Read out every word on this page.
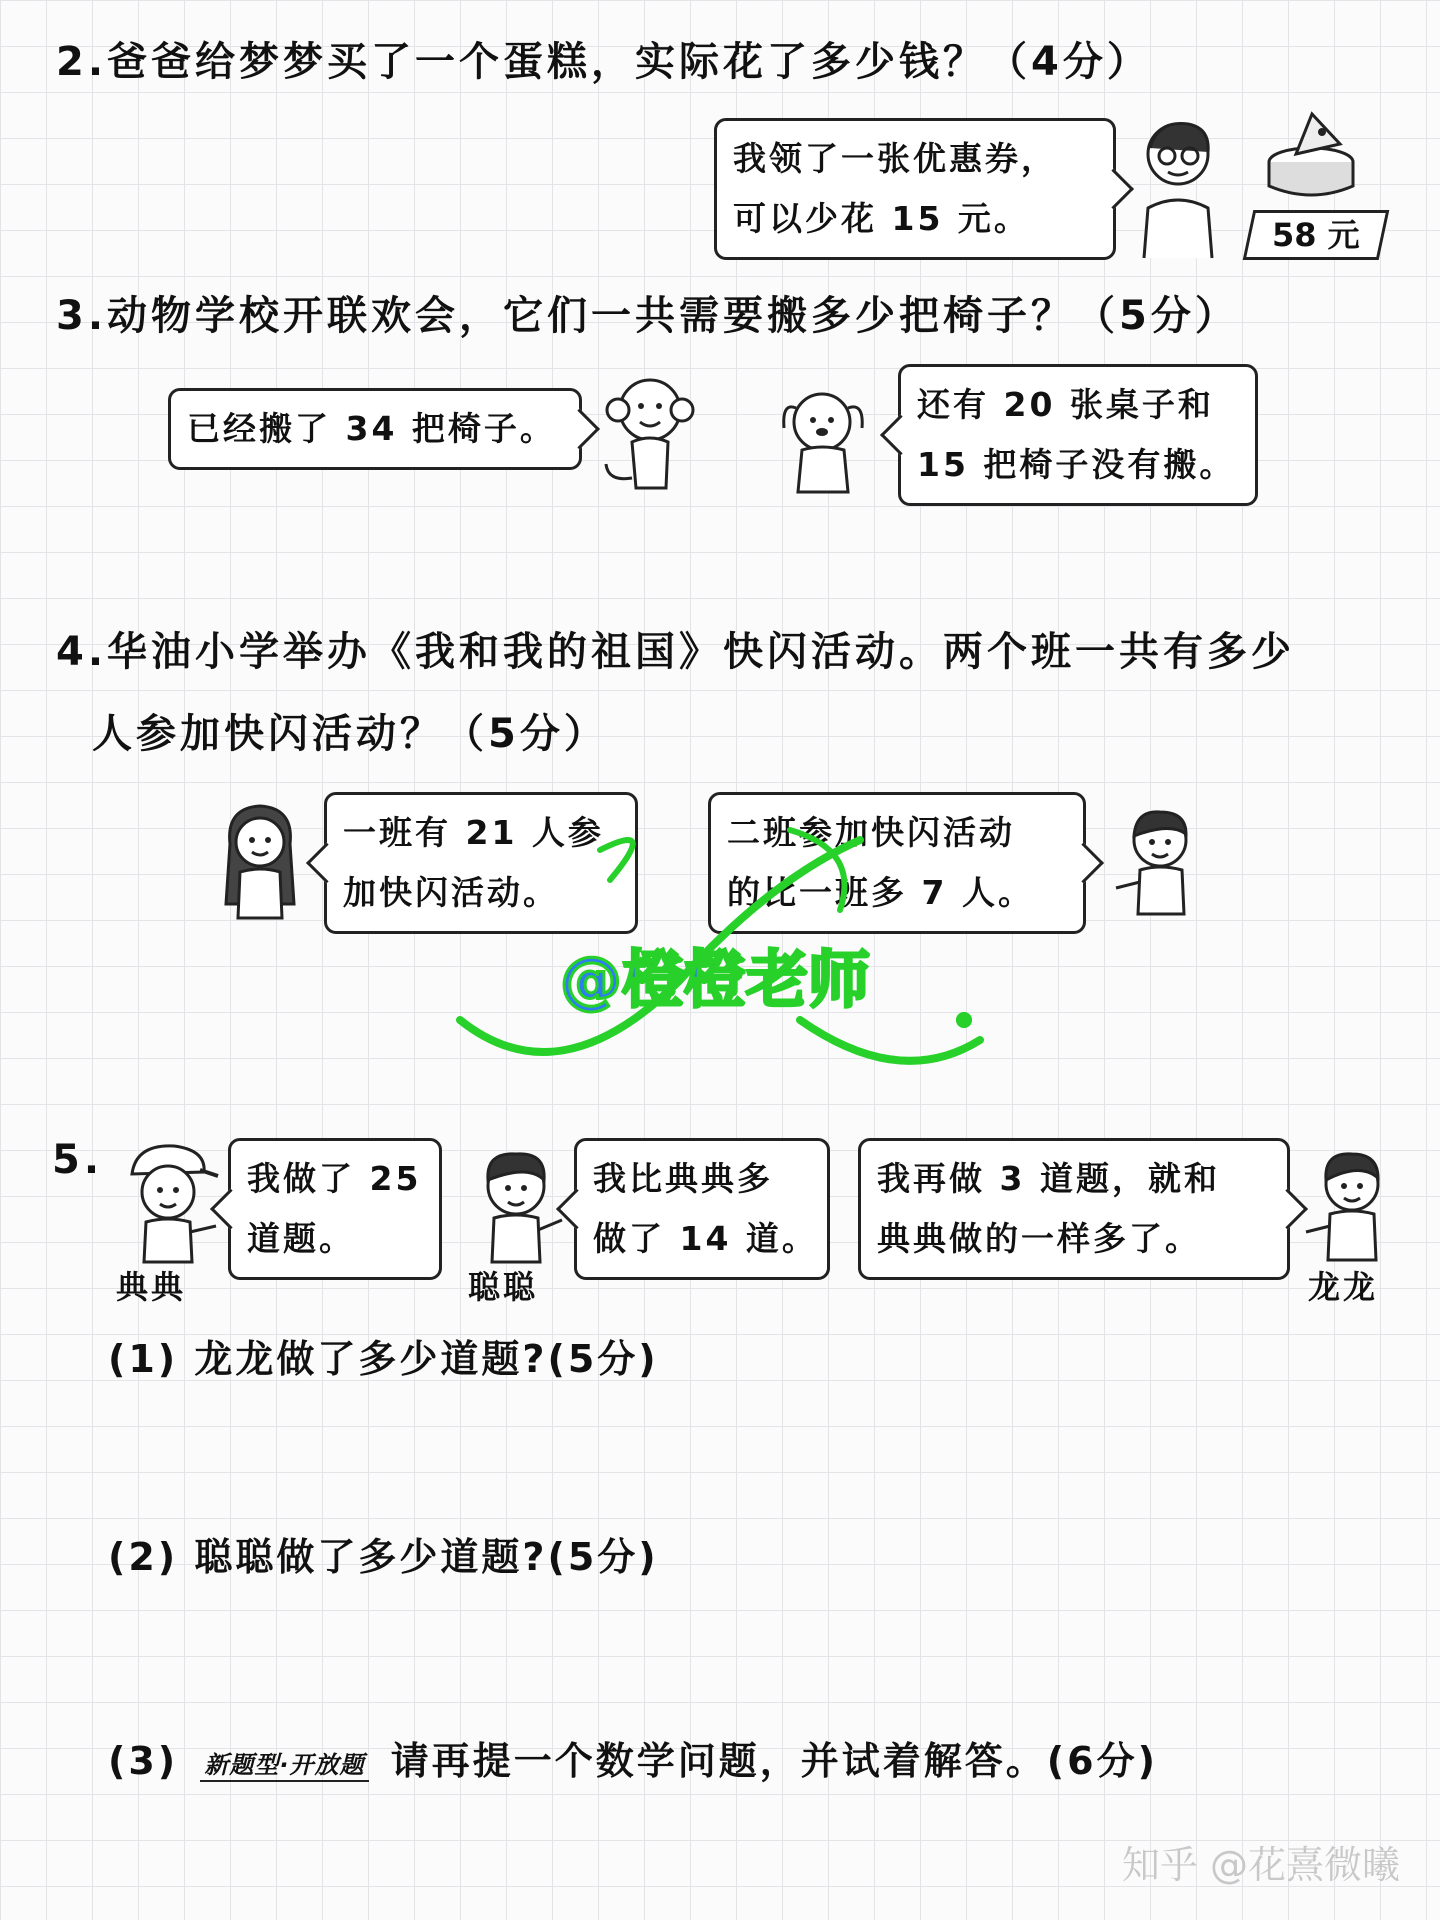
2.爸爸给梦梦买了一个蛋糕，实际花了多少钱？（4分）
我领了一张优惠券，
可以少花 15 元。	58 元
3.动物学校开联欢会，它们一共需要搬多少把椅子？（5分）
已经搬了 34 把椅子。
还有 20 张桌子和
15 把椅子没有搬。
4.华油小学举办《我和我的祖国》快闪活动。两个班一共有多少
人参加快闪活动？（5分）
一班有 21 人参
加快闪活动。
二班参加快闪活动
的比一班多 7 人。
@橙橙老师
5.
典典
我做了 25
道题。
聪聪
我比典典多
做了 14 道。
我再做 3 道题，就和
典典做的一样多了。
龙龙
(1) 龙龙做了多少道题?(5分)
(2) 聪聪做了多少道题?(5分)
(3) 新题型·开放题 请再提一个数学问题，并试着解答。(6分)
知乎 @花熹微曦
